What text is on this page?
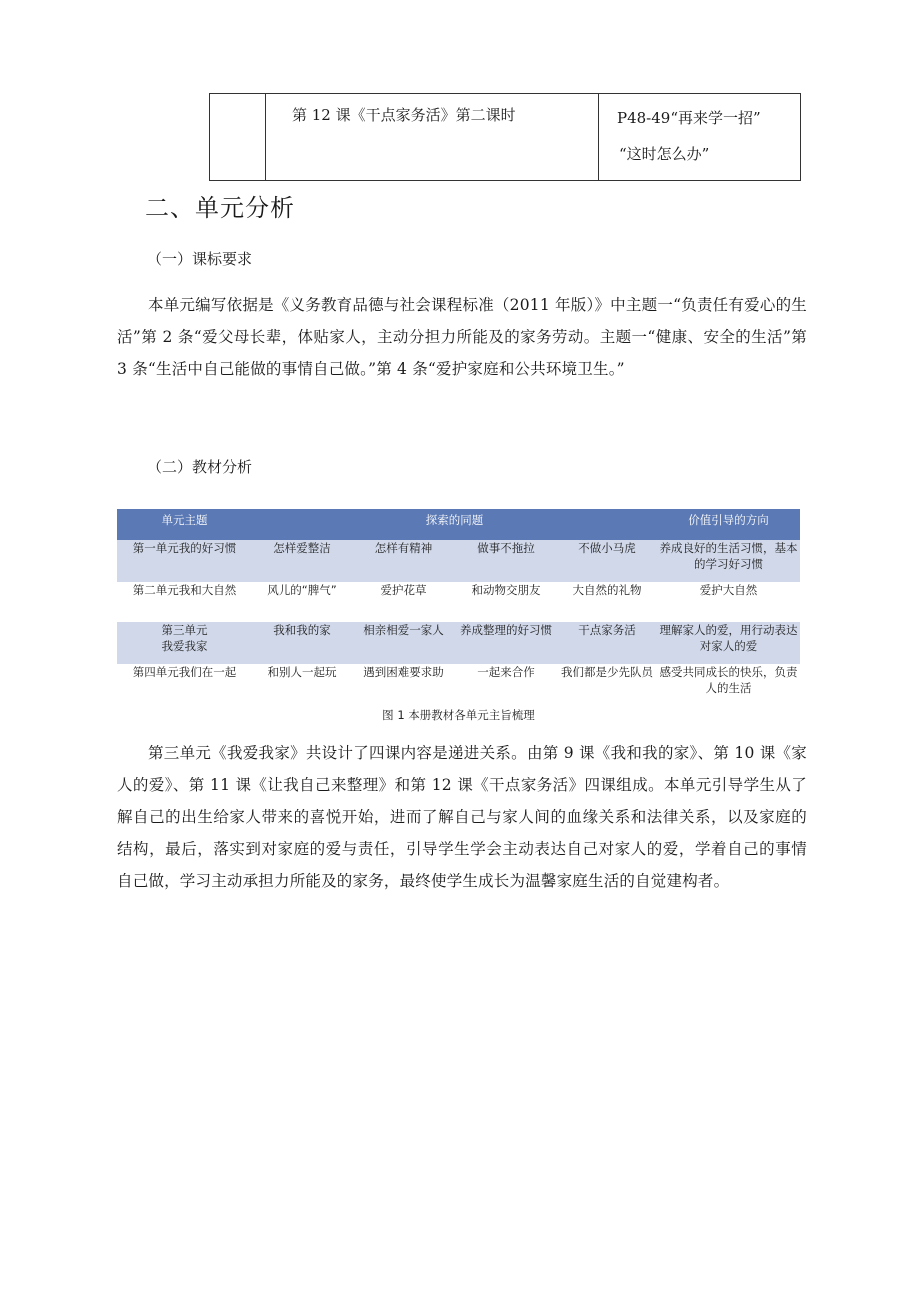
	第 12 课《干点家务活》第二课时	P48-49“再来学一招”
“这时怎么办”
二、单元分析
（一）课标要求

本单元编写依据是《义务教育品德与社会课程标准（2011 年版）》中主题一“负责任有爱心的生活”第 2 条“爱父母长辈，体贴家人，主动分担力所能及的家务劳动。主题一“健康、安全的生活”第 3 条“生活中自己能做的事情自己做。”第 4 条“爱护家庭和公共环境卫生。”

（二）教材分析
单元主题	探索的同题				价值引导的方向
第一单元我的好习惯	怎样爱整洁	怎样有精神	做事不拖拉	不做小马虎	养成良好的生活习惯，基本的学习好习惯
第二单元我和大自然	风儿的“脾气”	爱护花草	和动物交朋友	大自然的礼物	爱护大自然

第三单元
我爱我家	我和我的家	相亲相爱一家人	养成整理的好习惯	干点家务活	理解家人的爱，用行动表达对家人的爱
第四单元我们在一起	和别人一起玩	遇到困难要求助	一起来合作	我们都是少先队员	感受共同成长的快乐，负责人的生活
图 1 本册教材各单元主旨梳理

第三单元《我爱我家》共设计了四课内容是递进关系。由第 9 课《我和我的家》、第 10 课《家人的爱》、第 11 课《让我自己来整理》和第 12 课《干点家务活》四课组成。本单元引导学生从了解自己的出生给家人带来的喜悦开始，进而了解自己与家人间的血缘关系和法律关系，以及家庭的结构，最后，落实到对家庭的爱与责任，引导学生学会主动表达自己对家人的爱，学着自己的事情自己做，学习主动承担力所能及的家务，最终使学生成长为温馨家庭生活的自觉建构者。
